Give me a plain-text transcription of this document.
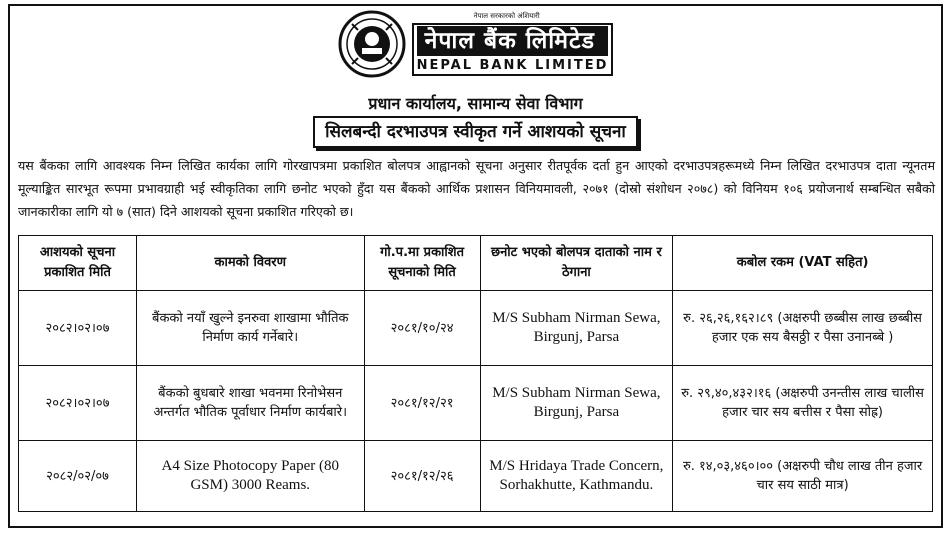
नेपाल सरकारको अंशियारी
नेपाल बैंक लिमिटेड
NEPAL BANK LIMITED
प्रधान कार्यालय, सामान्य सेवा विभाग
सिलबन्दी दरभाउपत्र स्वीकृत गर्ने आशयको सूचना
यस बैंकका लागि आवश्यक निम्न लिखित कार्यका लागि गोरखापत्रमा प्रकाशित बोलपत्र आह्वानको सूचना अनुसार रीतपूर्वक दर्ता हुन आएको दरभाउपत्रहरूमध्ये निम्न लिखित दरभाउपत्र दाता न्यूनतम मूल्याङ्कित सारभूत रूपमा प्रभावग्राही भई स्वीकृतिका लागि छनोट भएको हुँदा यस बैंकको आर्थिक प्रशासन विनियमावली, २०७१ (दोस्रो संशोधन २०७८) को विनियम १०६ प्रयोजनार्थ सम्बन्धित सबैको जानकारीका लागि यो ७ (सात) दिने आशयको सूचना प्रकाशित गरिएको छ।
आशयको सूचना प्रकाशित मिति	कामको विवरण	गो.प.मा प्रकाशित सूचनाको मिति	छनोट भएको बोलपत्र दाताको नाम र ठेगाना	कबोल रकम (VAT सहित)
२०८२।०२।०७	बैंकको नयाँ खुल्ने इनरुवा शाखामा भौतिक निर्माण कार्य गर्नेबारे।	२०८१/१०/२४	M/S Subham Nirman Sewa, Birgunj, Parsa	रु. २६,२६,१६२।८९ (अक्षरुपी छब्बीस लाख छब्बीस हजार एक सय बैसठ्ठी र पैसा उनानब्बे )
२०८२।०२।०७	बैंकको बुधबारे शाखा भवनमा रिनोभेसन अन्तर्गत भौतिक पूर्वाधार निर्माण कार्यबारे।	२०८१/१२/२१	M/S Subham Nirman Sewa, Birgunj, Parsa	रु. २९,४०,४३२।१६ (अक्षरुपी उनन्तीस लाख चालीस हजार चार सय बत्तीस र पैसा सोह्र)
२०८२/०२/०७	A4 Size Photocopy Paper (80 GSM) 3000 Reams.	२०८१/१२/२६	M/S Hridaya Trade Concern, Sorhakhutte, Kathmandu.	रु. १४,०३,४६०।०० (अक्षरुपी चौध लाख तीन हजार चार सय साठी मात्र)
